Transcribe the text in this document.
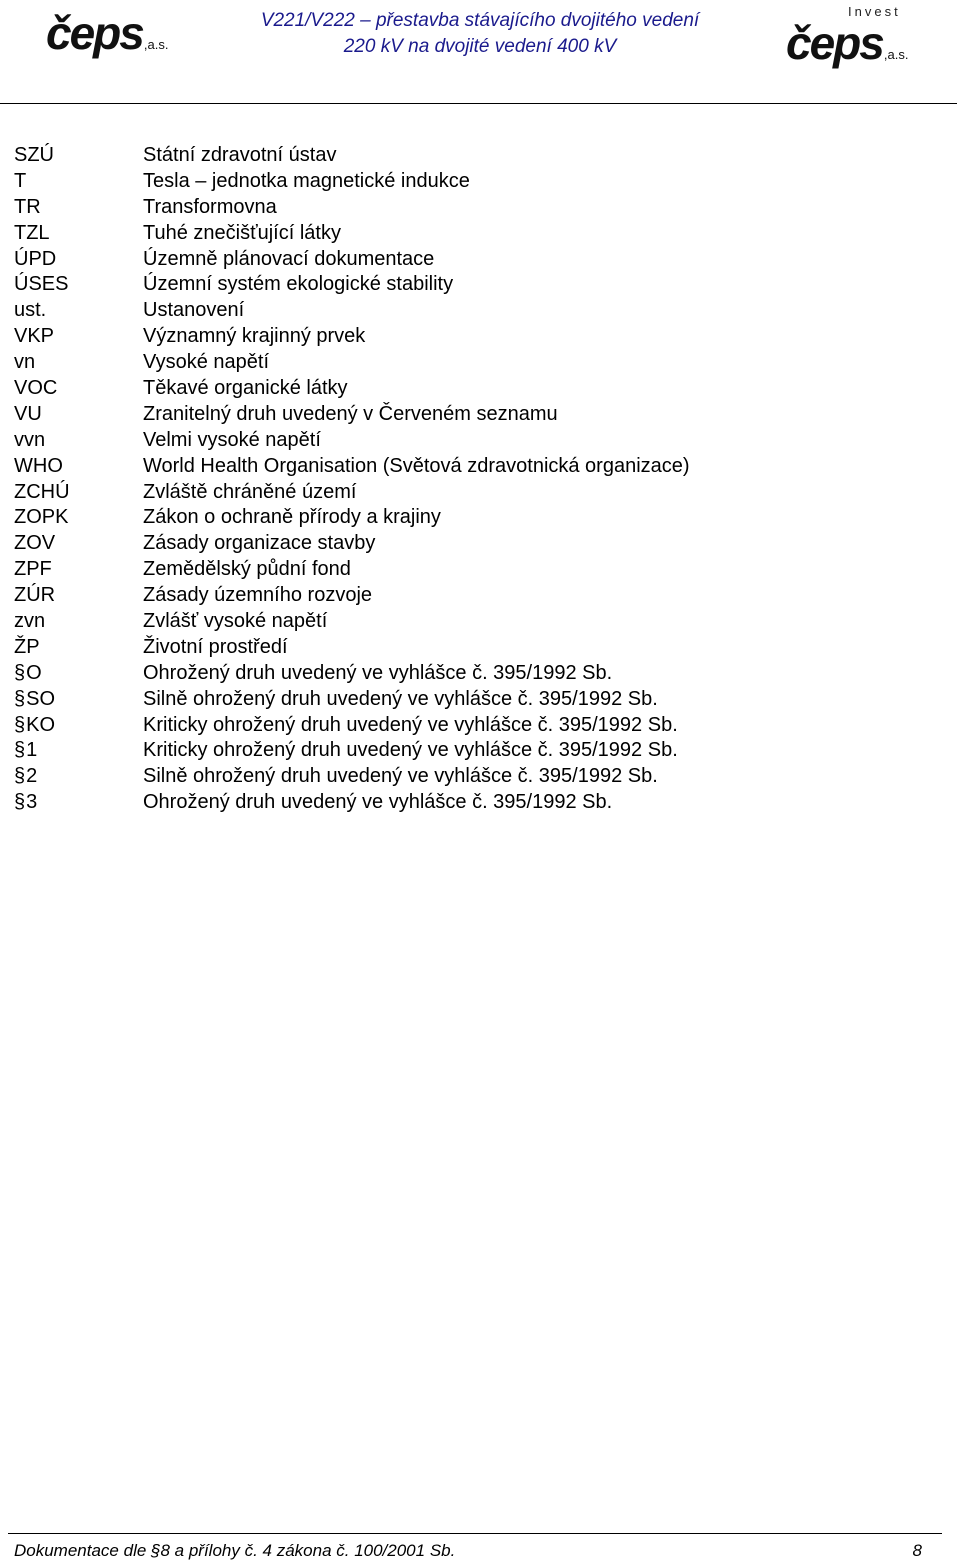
čeps ,a.s.
V221/V222 – přestavba stávajícího dvojitého vedení
220 kV na dvojité vedení 400 kV
Invest
čeps ,a.s.
SZÚ	Státní zdravotní ústav
T	Tesla – jednotka magnetické indukce
TR	Transformovna
TZL	Tuhé znečišťující látky
ÚPD	Územně plánovací dokumentace
ÚSES	Územní systém ekologické stability
ust.	Ustanovení
VKP	Významný krajinný prvek
vn	Vysoké napětí
VOC	Těkavé organické látky
VU	Zranitelný druh uvedený v Červeném seznamu
vvn	Velmi vysoké napětí
WHO	World Health Organisation (Světová zdravotnická organizace)
ZCHÚ	Zvláště chráněné území
ZOPK	Zákon o ochraně přírody a krajiny
ZOV	Zásady organizace stavby
ZPF	Zemědělský půdní fond
ZÚR	Zásady územního rozvoje
zvn	Zvlášť vysoké napětí
ŽP	Životní prostředí
§ O	Ohrožený druh uvedený ve vyhlášce č. 395/1992 Sb.
§ SO	Silně ohrožený druh uvedený ve vyhlášce č. 395/1992 Sb.
§ KO	Kriticky ohrožený druh uvedený ve vyhlášce č. 395/1992 Sb.
§ 1	Kriticky ohrožený druh uvedený ve vyhlášce č. 395/1992 Sb.
§ 2	Silně ohrožený druh uvedený ve vyhlášce č. 395/1992 Sb.
§ 3	Ohrožený druh uvedený ve vyhlášce č. 395/1992 Sb.
Dokumentace dle §8 a přílohy č. 4 zákona č. 100/2001 Sb.	8
